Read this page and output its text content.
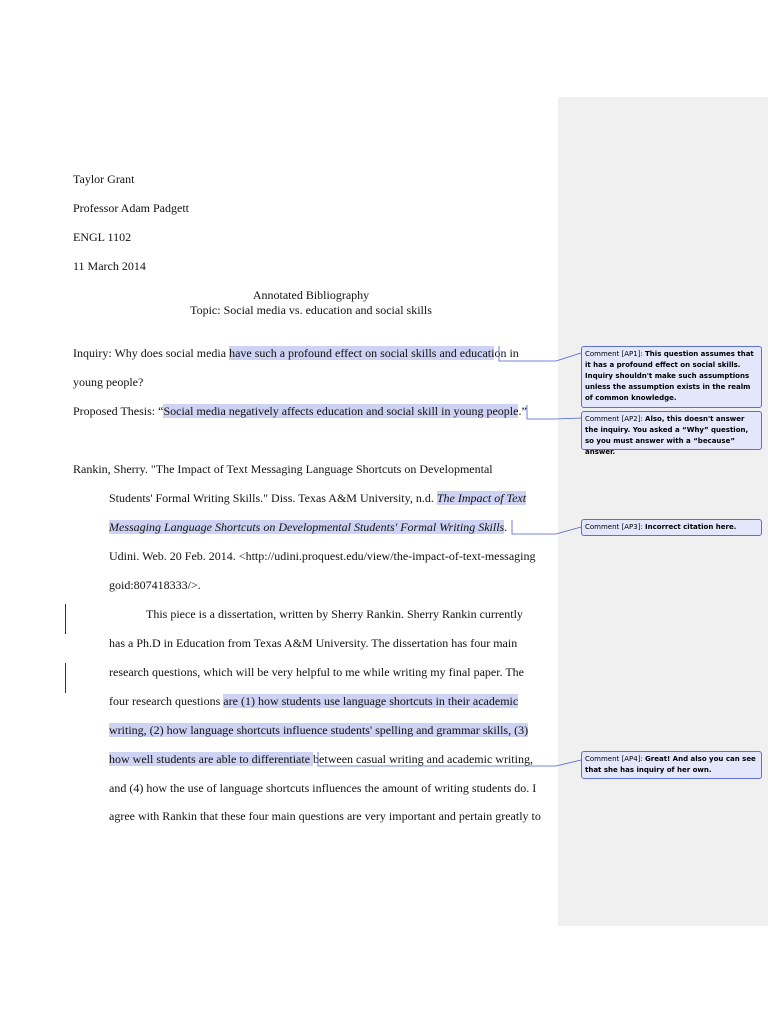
Taylor Grant
Professor Adam Padgett
ENGL 1102
11 March 2014
Annotated Bibliography
Topic: Social media vs. education and social skills
Inquiry: Why does social media have such a profound effect on social skills and education in
young people?
Proposed Thesis: “Social media negatively affects education and social skill in young people.”
Rankin, Sherry. "The Impact of Text Messaging Language Shortcuts on Developmental
Students' Formal Writing Skills." Diss. Texas A&M University, n.d. The Impact of Text
Messaging Language Shortcuts on Developmental Students' Formal Writing Skills.
Udini. Web. 20 Feb. 2014. <http://udini.proquest.edu/view/the-impact-of-text-messaging
goid:807418333/>.
This piece is a dissertation, written by Sherry Rankin. Sherry Rankin currently
has a Ph.D in Education from Texas A&M University. The dissertation has four main
research questions, which will be very helpful to me while writing my final paper. The
four research questions are (1) how students use language shortcuts in their academic
writing, (2) how language shortcuts influence students' spelling and grammar skills, (3)
how well students are able to differentiate between casual writing and academic writing,
and (4) how the use of language shortcuts influences the amount of writing students do. I
agree with Rankin that these four main questions are very important and pertain greatly to
Comment [AP1]: This question assumes that it has a profound effect on social skills. Inquiry shouldn't make such assumptions unless the assumption exists in the realm of common knowledge.
Comment [AP2]: Also, this doesn't answer the inquiry. You asked a “Why” question, so you must answer with a “because” answer.
Comment [AP3]: Incorrect citation here.
Comment [AP4]: Great! And also you can see that she has inquiry of her own.
